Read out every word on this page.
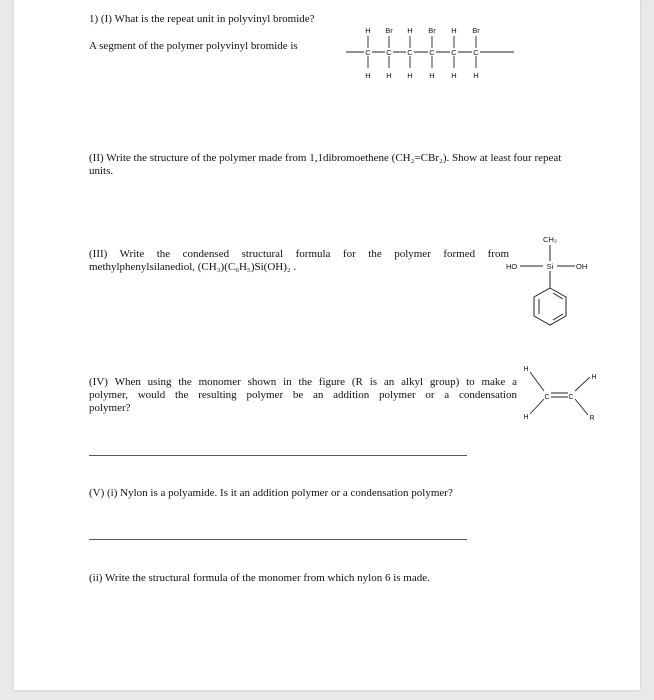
1) (I) What is the repeat unit in polyvinyl bromide?
A segment of the polymer polyvinyl bromide is
H Br H Br H Br
C C C C C C
H H H H H H
(II) Write the structure of the polymer made from 1,1dibromoethene (CH₂=CBr₂). Show at least four repeat
units.
(III) Write the condensed structural formula for the polymer formed from
methylphenylsilanediol, (CH₃)(C₆H₅)Si(OH)₂ .
CH₃
HO	Si	OH
(IV) When using the monomer shown in the figure (R is an alkyl group) to make a
polymer, would the resulting polymer be an addition polymer or a condensation
polymer?
H
H
H
R
C	C
(V) (i) Nylon is a polyamide. Is it an addition polymer or a condensation polymer?
(ii) Write the structural formula of the monomer from which nylon 6 is made.
